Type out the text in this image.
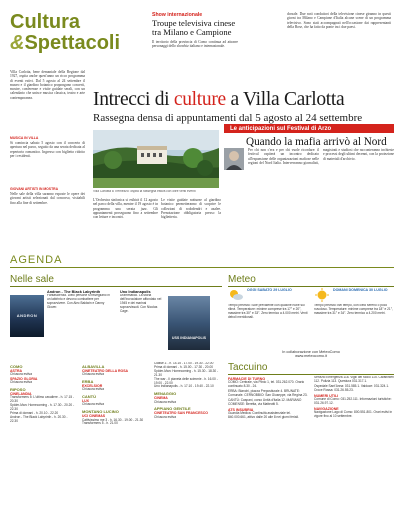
Cultura
&Spettacoli
Show internazionale
Troupe televisiva cinese tra Milano e Campione
Il territorio della provincia di Como continua ad attrarre personaggi dello showbiz italiano e internazionale.
dorsale. Due noti conduttori della televisione cinese giranno in questi giorni tra Milano e Campione d'Italia alcune scene di un programma televisivo. Sono stati accompagnati nell'occasione dai rappresentanti della Bose, che ha fatto da ponte tra i due paesi.
Villa Carlotta, bene demaniale della Regione dal 1927, ospita anche quest'anno un ricco programma di eventi estivi. Dal 5 agosto al 24 settembre il museo e il giardino botanico propongono concerti, mostre, conferenze e visite guidate serali, con un calendario che unisce musica classica, teatro e arte contemporanea.
MUSICA IN VILLA
Si comincia sabato 5 agosto con il concerto di apertura nel parco, seguito da una serata dedicata al repertorio romantico. Ingresso con biglietto ridotto per i residenti.
GIOVANI ARTISTI IN MOSTRA
Nelle sale della villa saranno esposte le opere dei giovani artisti selezionati dal concorso, visitabili fino alla fine di settembre.
Intrecci di culture a Villa Carlotta
Rassegna densa di appuntamenti dal 5 agosto al 24 settembre
Villa Carlotta a Tremezzo: ospita la rassegna estiva con oltre venti eventi
L'Orchestra sinfonica si esibirà il 12 agosto nel parco della villa, mentre il 19 agosto è in programma una serata jazz. Gli appuntamenti proseguono fino a settembre con letture e incontri.
Le visite guidate notturne al giardino botanico permetteranno di scoprire le collezioni di rododendri e azalee. Prenotazione obbligatoria presso la biglietteria.
Le anticipazioni sul Festival di Arzo
Quando la mafia arrivò al Nord
Per chi non c'era e per chi vuole ricordare: il festival ospiterà un incontro dedicato all'espansione delle organizzazioni mafiose nelle regioni del Nord Italia. Interverranno giornalisti, magistrati e studiosi che racconteranno inchieste e processi degli ultimi decenni, con la proiezione di materiali d'archivio.
AGENDA
Nelle sale
ANDRON
Andron - The Black Labyrinth
Fantascienza. Dieci persone si risvegliano in un labirinto e devono combattere per sopravvivere. Con Alec Baldwin e Danny Glover.
Uno Indianapolis
Drammatico. La storia dell'incrociatore affondato nel 1945 e dei marinai sopravvissuti. Con Nicolas Cage.
USS INDIANAPOLIS
COMO
ASTRA
Chiusura estiva
SPAZIO GLORIA
Chiusura estiva
RIPOSO
CINELANDIA
Transformers 5: L'ultimo cavaliere - h. 17.15 - 20.30
Spider-Man: Homecoming - h. 17.30 - 20.20 - 22.30
Prima di domani - h. 20.10 - 22.20
Andron - The Black Labyrinth - h. 20.30 - 22.30
ALBAVILLA
CINETEATRO DELLA ROSA
Chiusura estiva
ERBA
EXCELSIOR
Chiusura estiva
CANTÙ
LUX
Chiusura estiva
MONTANO LUCINO
UCI CINEMAS
Cattivissimo me 3 - h. 16.30 - 19.00 - 21.30
Transformers 5 - h. 21.00
Classe Z - h. 14.15 - 17.00 - 19.30 - 22.00
Prima di domani - h. 15.00 - 17.30 - 20.00
Spider-Man: Homecoming - h. 15.30 - 18.30 - 21.30
The war - Il pianeta delle scimmie - h. 16.00 - 19.00 - 22.00
Uno Indianapolis - h. 17.10 - 19.40 - 22.10
MENAGGIO
CINEMA
Chiusura estiva
APPIANO GENTILE
CINETEATRO SAN FRANCESCO
Chiusura estiva
Meteo
OGGI SABATO 29 LUGLIO
Tempo previsto: Sole prevalente con qualche nube sui rilievi. Temperature: minime comprese tra 17° e 20°, massime tra 30° e 33°. Zero termico a 4.000 metri. Venti deboli meridionali.
DOMANI DOMENICA 30 LUGLIO
Tempo previsto: Bel tempo, con cielo sereno o poco nuvoloso. Temperature: minime comprese tra 18° e 21°, massime tra 31° e 34°. Zero termico a 4.200 metri.
In collaborazione con MeteoComo
www.meteocomo.it
Taccuino
FARMACIE DI TURNO
COMO: Centrale, via Plinio 1, tel. 031.262.070. Orario continuato 8.30 - 24.
ERBA: Bianchi, piazza Prepositurale 4. BRUNATE: Comunale. CERNOBBIO: San Giuseppe, via Regina 23.
CANTÙ: Caspani, corso Unità d'Italia 12. MARIANO COMENSE: Beretta, via Matteotti 5.
ATS INSUBRIA
Guardia Medica: Continuità assistenziale tel. 840.000.661, attivo dalle 20 alle 8 nei giorni feriali.
Servizio Emergenza 118. Vigili del fuoco 115. Carabinieri 112. Polizia 113. Questura 031.317.1.
Ospedale Sant'Anna: 031.585.1. Valduce: 031.324.1. Croce Rossa: 031.26.55.23.
NUMERI UTILI
Comune di Como: 031.252.111. Informazioni turistiche: 031.26.97.12.
NAVIGAZIONE
Navigazione Lago di Como: 800.551.801. Orari estivi in vigore fino al 10 settembre.
